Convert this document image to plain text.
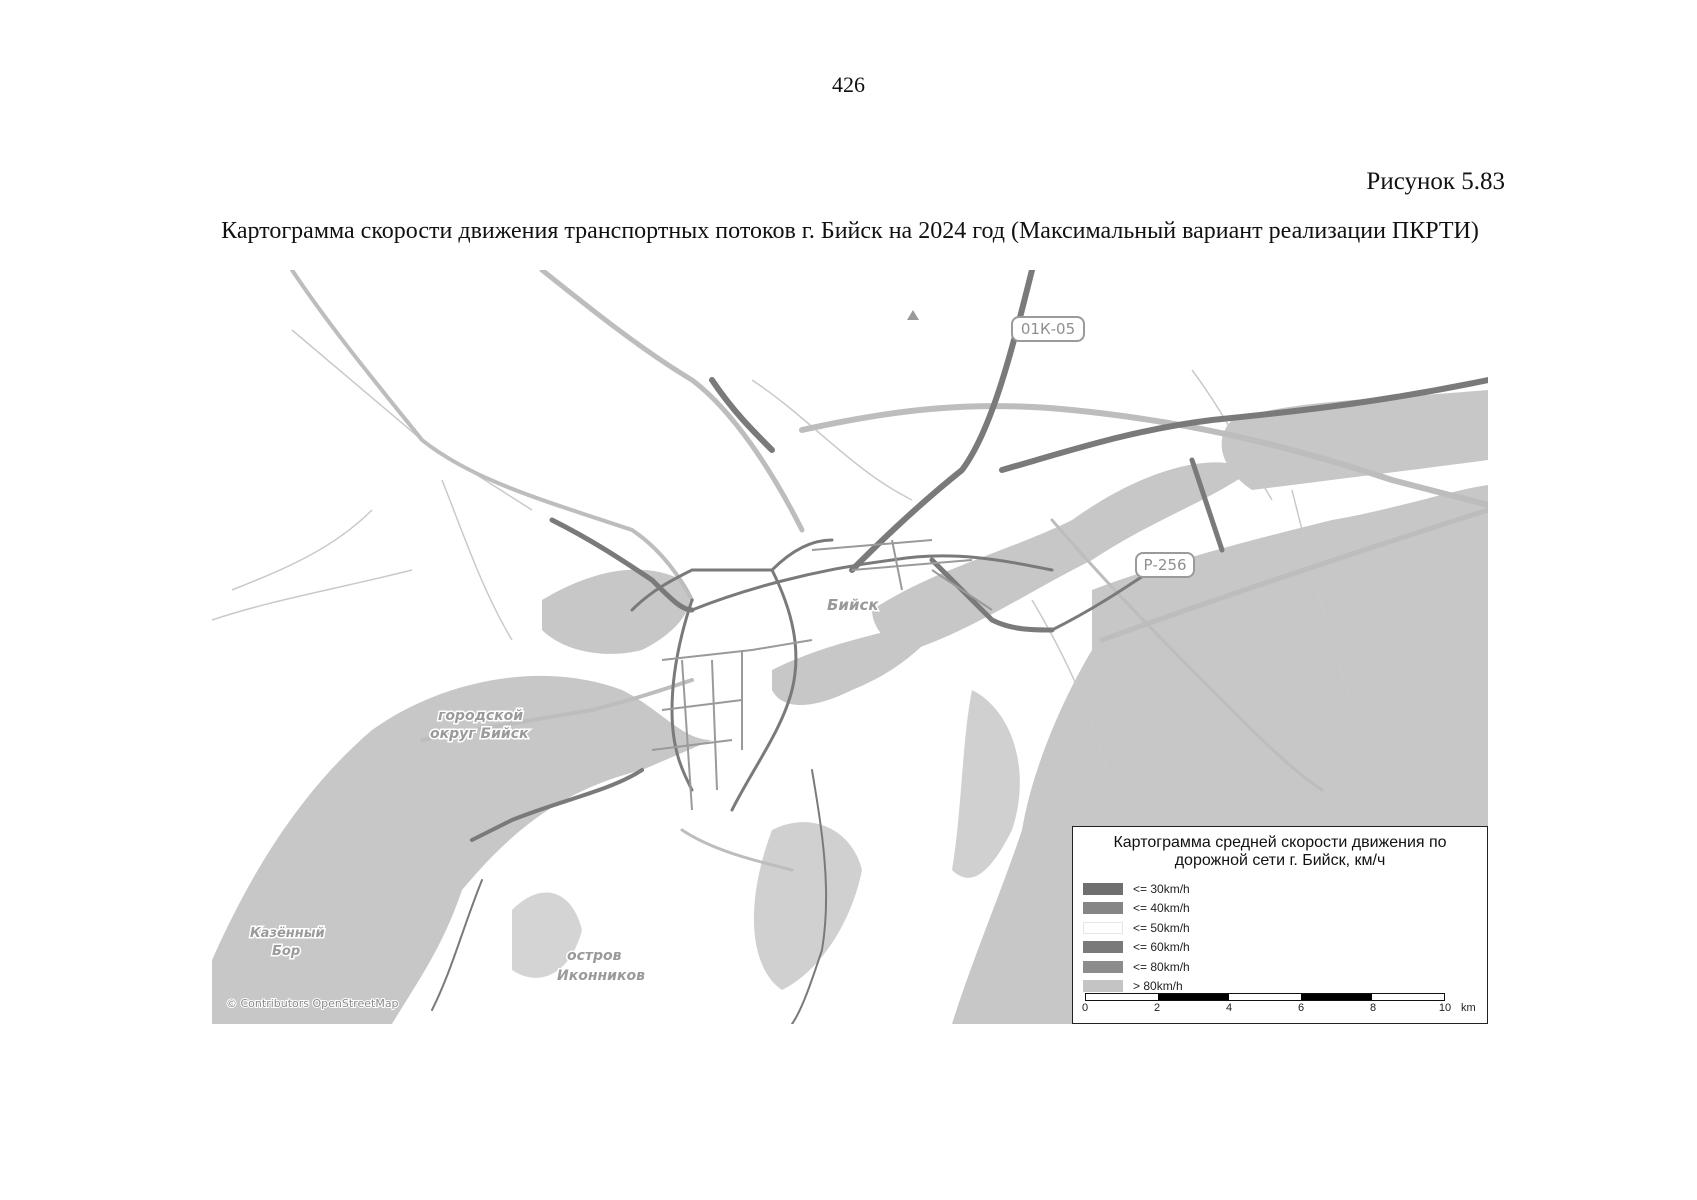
426
Рисунок 5.83
Картограмма скорости движения транспортных потоков г. Бийск на 2024 год (Максимальный вариант реализации ПКРТИ)
Бийск
городской
округ Бийск
остров
Иконников
Казённый
Бор
01К-05
Р-256
© Contributors OpenStreetMap
Картограмма средней скорости движения по
дорожной сети г. Бийск, км/ч
<= 30km/h
<= 40km/h
<= 50km/h
<= 60km/h
<= 80km/h
> 80km/h
0	2	4	6	8	10 km
